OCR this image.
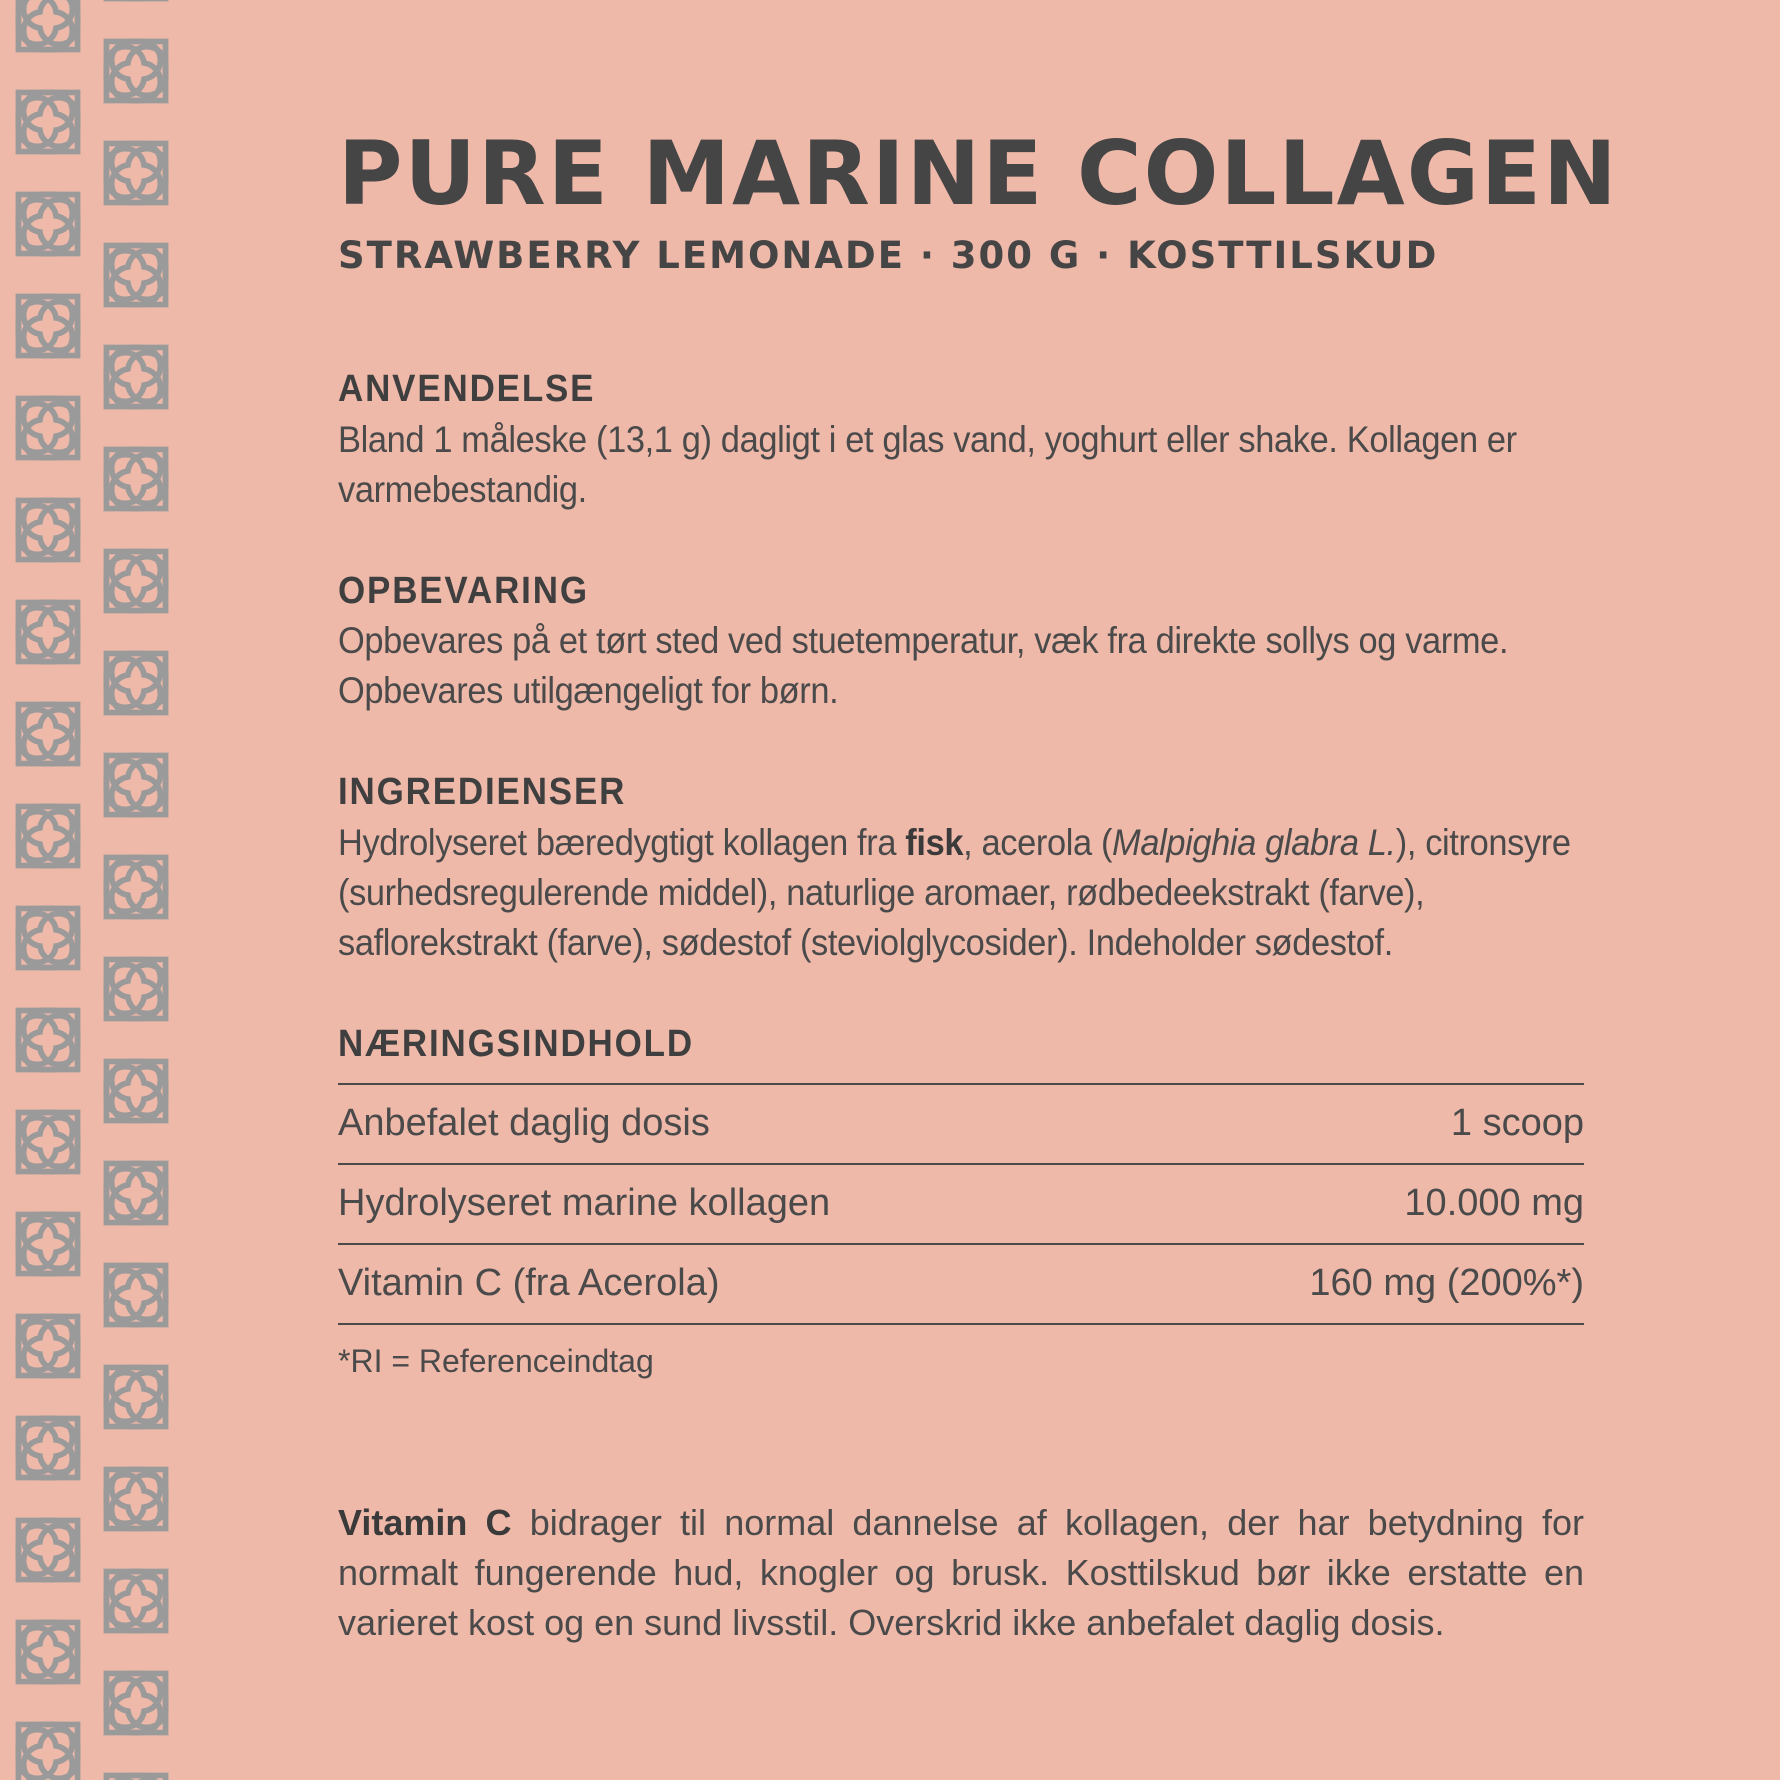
PURE MARINE COLLAGEN
STRAWBERRY LEMONADE · 300 G · KOSTTILSKUD
ANVENDELSE
Bland 1 måleske (13,1 g) dagligt i et glas vand, yoghurt eller shake. Kollagen er varmebestandig.
OPBEVARING
Opbevares på et tørt sted ved stuetemperatur, væk fra direkte sollys og varme. Opbevares utilgængeligt for børn.
INGREDIENSER
Hydrolyseret bæredygtigt kollagen fra fisk, acerola (Malpighia glabra L.), citronsyre (surhedsregulerende middel), naturlige aromaer, rødbedeekstrakt (farve), saflorekstrakt (farve), sødestof (steviolglycosider). Indeholder sødestof.
NÆRINGSINDHOLD
Anbefalet daglig dosis	1 scoop
Hydrolyseret marine kollagen	10.000 mg
Vitamin C (fra Acerola)	160 mg (200%*)
*RI = Referenceindtag
Vitamin C bidrager til normal dannelse af kollagen, der har betydning for normalt fungerende hud, knogler og brusk. Kosttilskud bør ikke erstatte en varieret kost og en sund livsstil. Overskrid ikke anbefalet daglig dosis.
